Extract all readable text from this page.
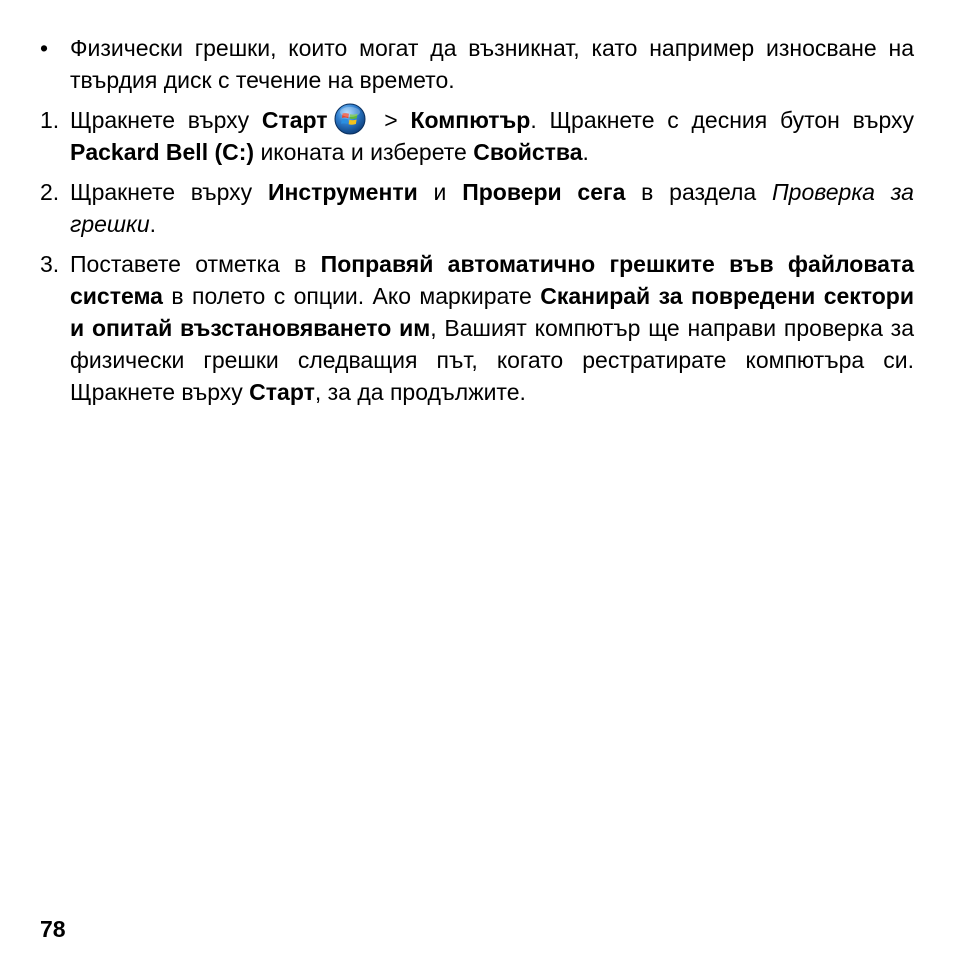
• Физически грешки, които могат да възникнат, като например износване на твърдия диск с течение на времето.
1. Щракнете върху Старт > Компютър. Щракнете с десния бутон върху Packard Bell (C:) иконата и изберете Свойства.
2. Щракнете върху Инструменти и Провери сега в раздела Проверка за грешки.
3. Поставете отметка в Поправяй автоматично грешките във файловата система в полето с опции. Ако маркирате Сканирай за повредени сектори и опитай възстановяването им, Вашият компютър ще направи проверка за физически грешки следващия път, когато рестратирате компютъра си. Щракнете върху Старт, за да продължите.
78
